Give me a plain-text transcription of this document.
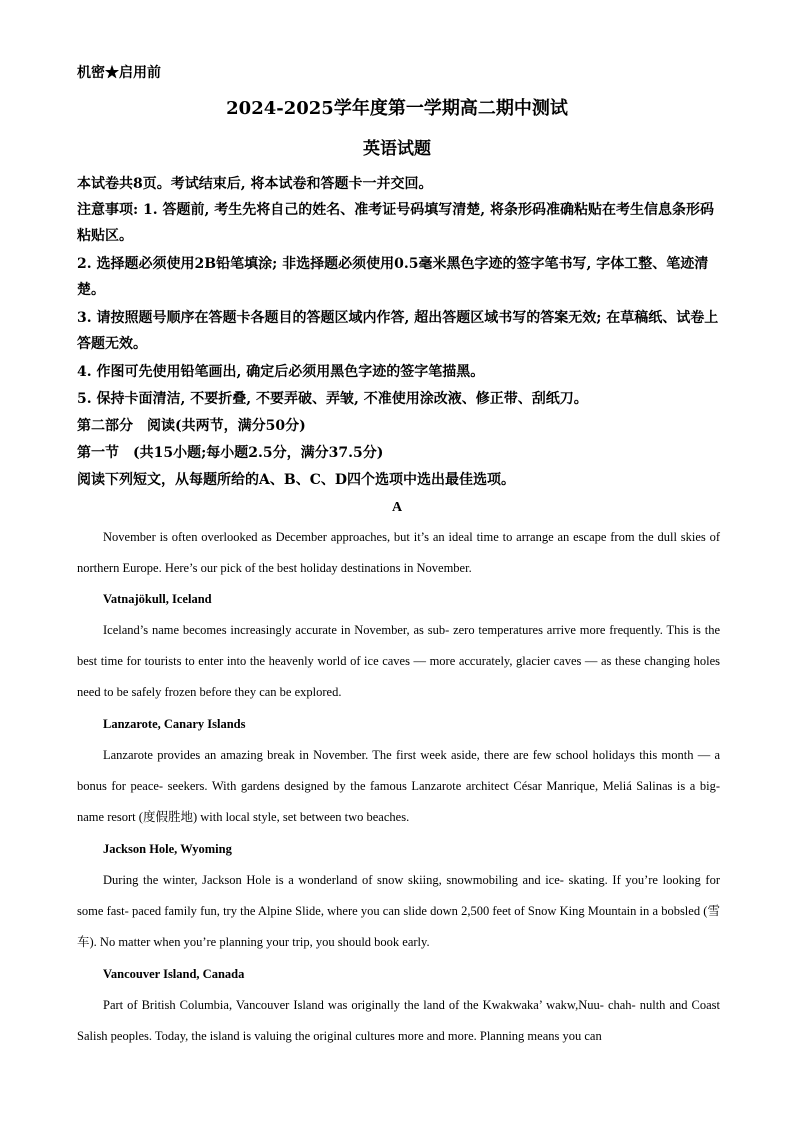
机密★启用前
2024-2025学年度第一学期高二期中测试
英语试题
本试卷共8页。考试结束后, 将本试卷和答题卡一并交回。
注意事项: 1. 答题前, 考生先将自己的姓名、准考证号码填写清楚, 将条形码准确粘贴在考生信息条形码粘贴区。
2. 选择题必须使用2B铅笔填涂; 非选择题必须使用0.5毫米黑色字迹的签字笔书写, 字体工整、笔迹清楚。
3. 请按照题号顺序在答题卡各题目的答题区域内作答, 超出答题区域书写的答案无效; 在草稿纸、试卷上答题无效。
4. 作图可先使用铅笔画出, 确定后必须用黑色字迹的签字笔描黑。
5. 保持卡面清洁, 不要折叠, 不要弄破、弄皱, 不准使用涂改液、修正带、刮纸刀。
第二部分　阅读(共两节，满分50分)
第一节　(共15小题;每小题2.5分，满分37.5分)
阅读下列短文，从每题所给的A、B、C、D四个选项中选出最佳选项。
A
November is often overlooked as December approaches, but it’s an ideal time to arrange an escape from the dull skies of northern Europe. Here’s our pick of the best holiday destinations in November.
Vatnajökull, Iceland
Iceland’s name becomes increasingly accurate in November, as sub- zero temperatures arrive more frequently. This is the best time for tourists to enter into the heavenly world of ice caves — more accurately, glacier caves — as these changing holes need to be safely frozen before they can be explored.
Lanzarote, Canary Islands
Lanzarote provides an amazing break in November. The first week aside, there are few school holidays this month — a bonus for peace- seekers. With gardens designed by the famous Lanzarote architect César Manrique, Meliá Salinas is a big- name resort (度假胜地) with local style, set between two beaches.
Jackson Hole, Wyoming
During the winter, Jackson Hole is a wonderland of snow skiing, snowmobiling and ice- skating. If you’re looking for some fast- paced family fun, try the Alpine Slide, where you can slide down 2,500 feet of Snow King Mountain in a bobsled (雪车). No matter when you’re planning your trip, you should book early.
Vancouver Island, Canada
Part of British Columbia, Vancouver Island was originally the land of the Kwakwaka’ wakw,Nuu- chah- nulth and Coast Salish peoples. Today, the island is valuing the original cultures more and more. Planning means you can
